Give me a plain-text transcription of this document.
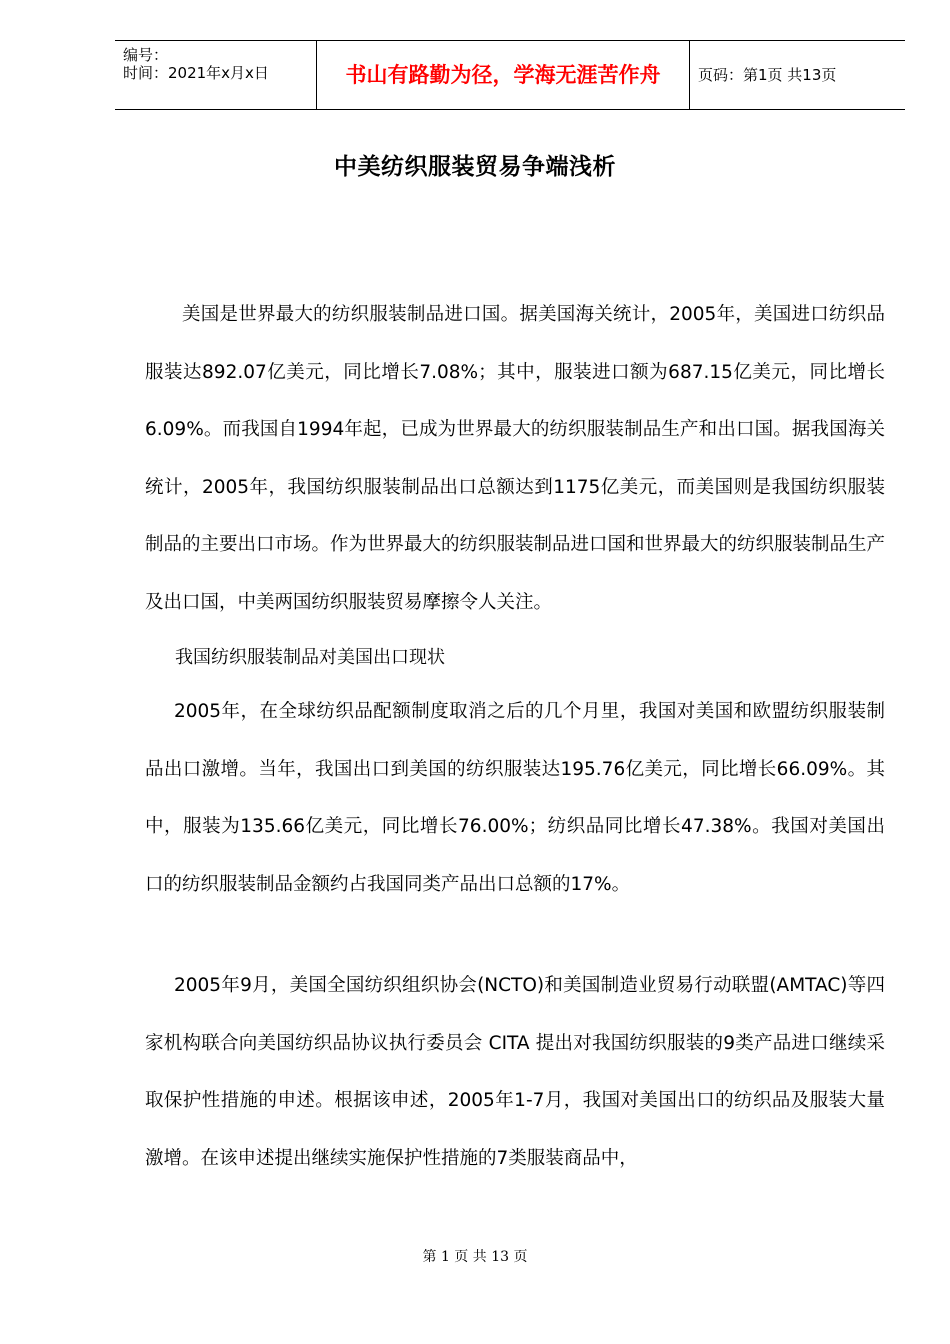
编号：
时间：2021年x月x日	书山有路勤为径，学海无涯苦作舟	页码：第1页 共13页
中美纺织服装贸易争端浅析

美国是世界最大的纺织服装制品进口国。据美国海关统计，2005年，美国进口纺织品服装达892.07亿美元，同比增长7.08%；其中，服装进口额为687.15亿美元，同比增长6.09%。而我国自1994年起，已成为世界最大的纺织服装制品生产和出口国。据我国海关统计，2005年，我国纺织服装制品出口总额达到1175亿美元，而美国则是我国纺织服装制品的主要出口市场。作为世界最大的纺织服装制品进口国和世界最大的纺织服装制品生产及出口国，中美两国纺织服装贸易摩擦令人关注。

我国纺织服装制品对美国出口现状

2005年，在全球纺织品配额制度取消之后的几个月里，我国对美国和欧盟纺织服装制品出口激增。当年，我国出口到美国的纺织服装达195.76亿美元，同比增长66.09%。其中，服装为135.66亿美元，同比增长76.00%；纺织品同比增长47.38%。我国对美国出口的纺织服装制品金额约占我国同类产品出口总额的17%。

2005年9月，美国全国纺织组织协会(NCTO)和美国制造业贸易行动联盟(AMTAC)等四家机构联合向美国纺织品协议执行委员会 CITA 提出对我国纺织服装的9类产品进口继续采取保护性措施的申述。根据该申述，2005年1-7月，我国对美国出口的纺织品及服装大量激增。在该申述提出继续实施保护性措施的7类服装商品中，

第 1 页 共 13 页
